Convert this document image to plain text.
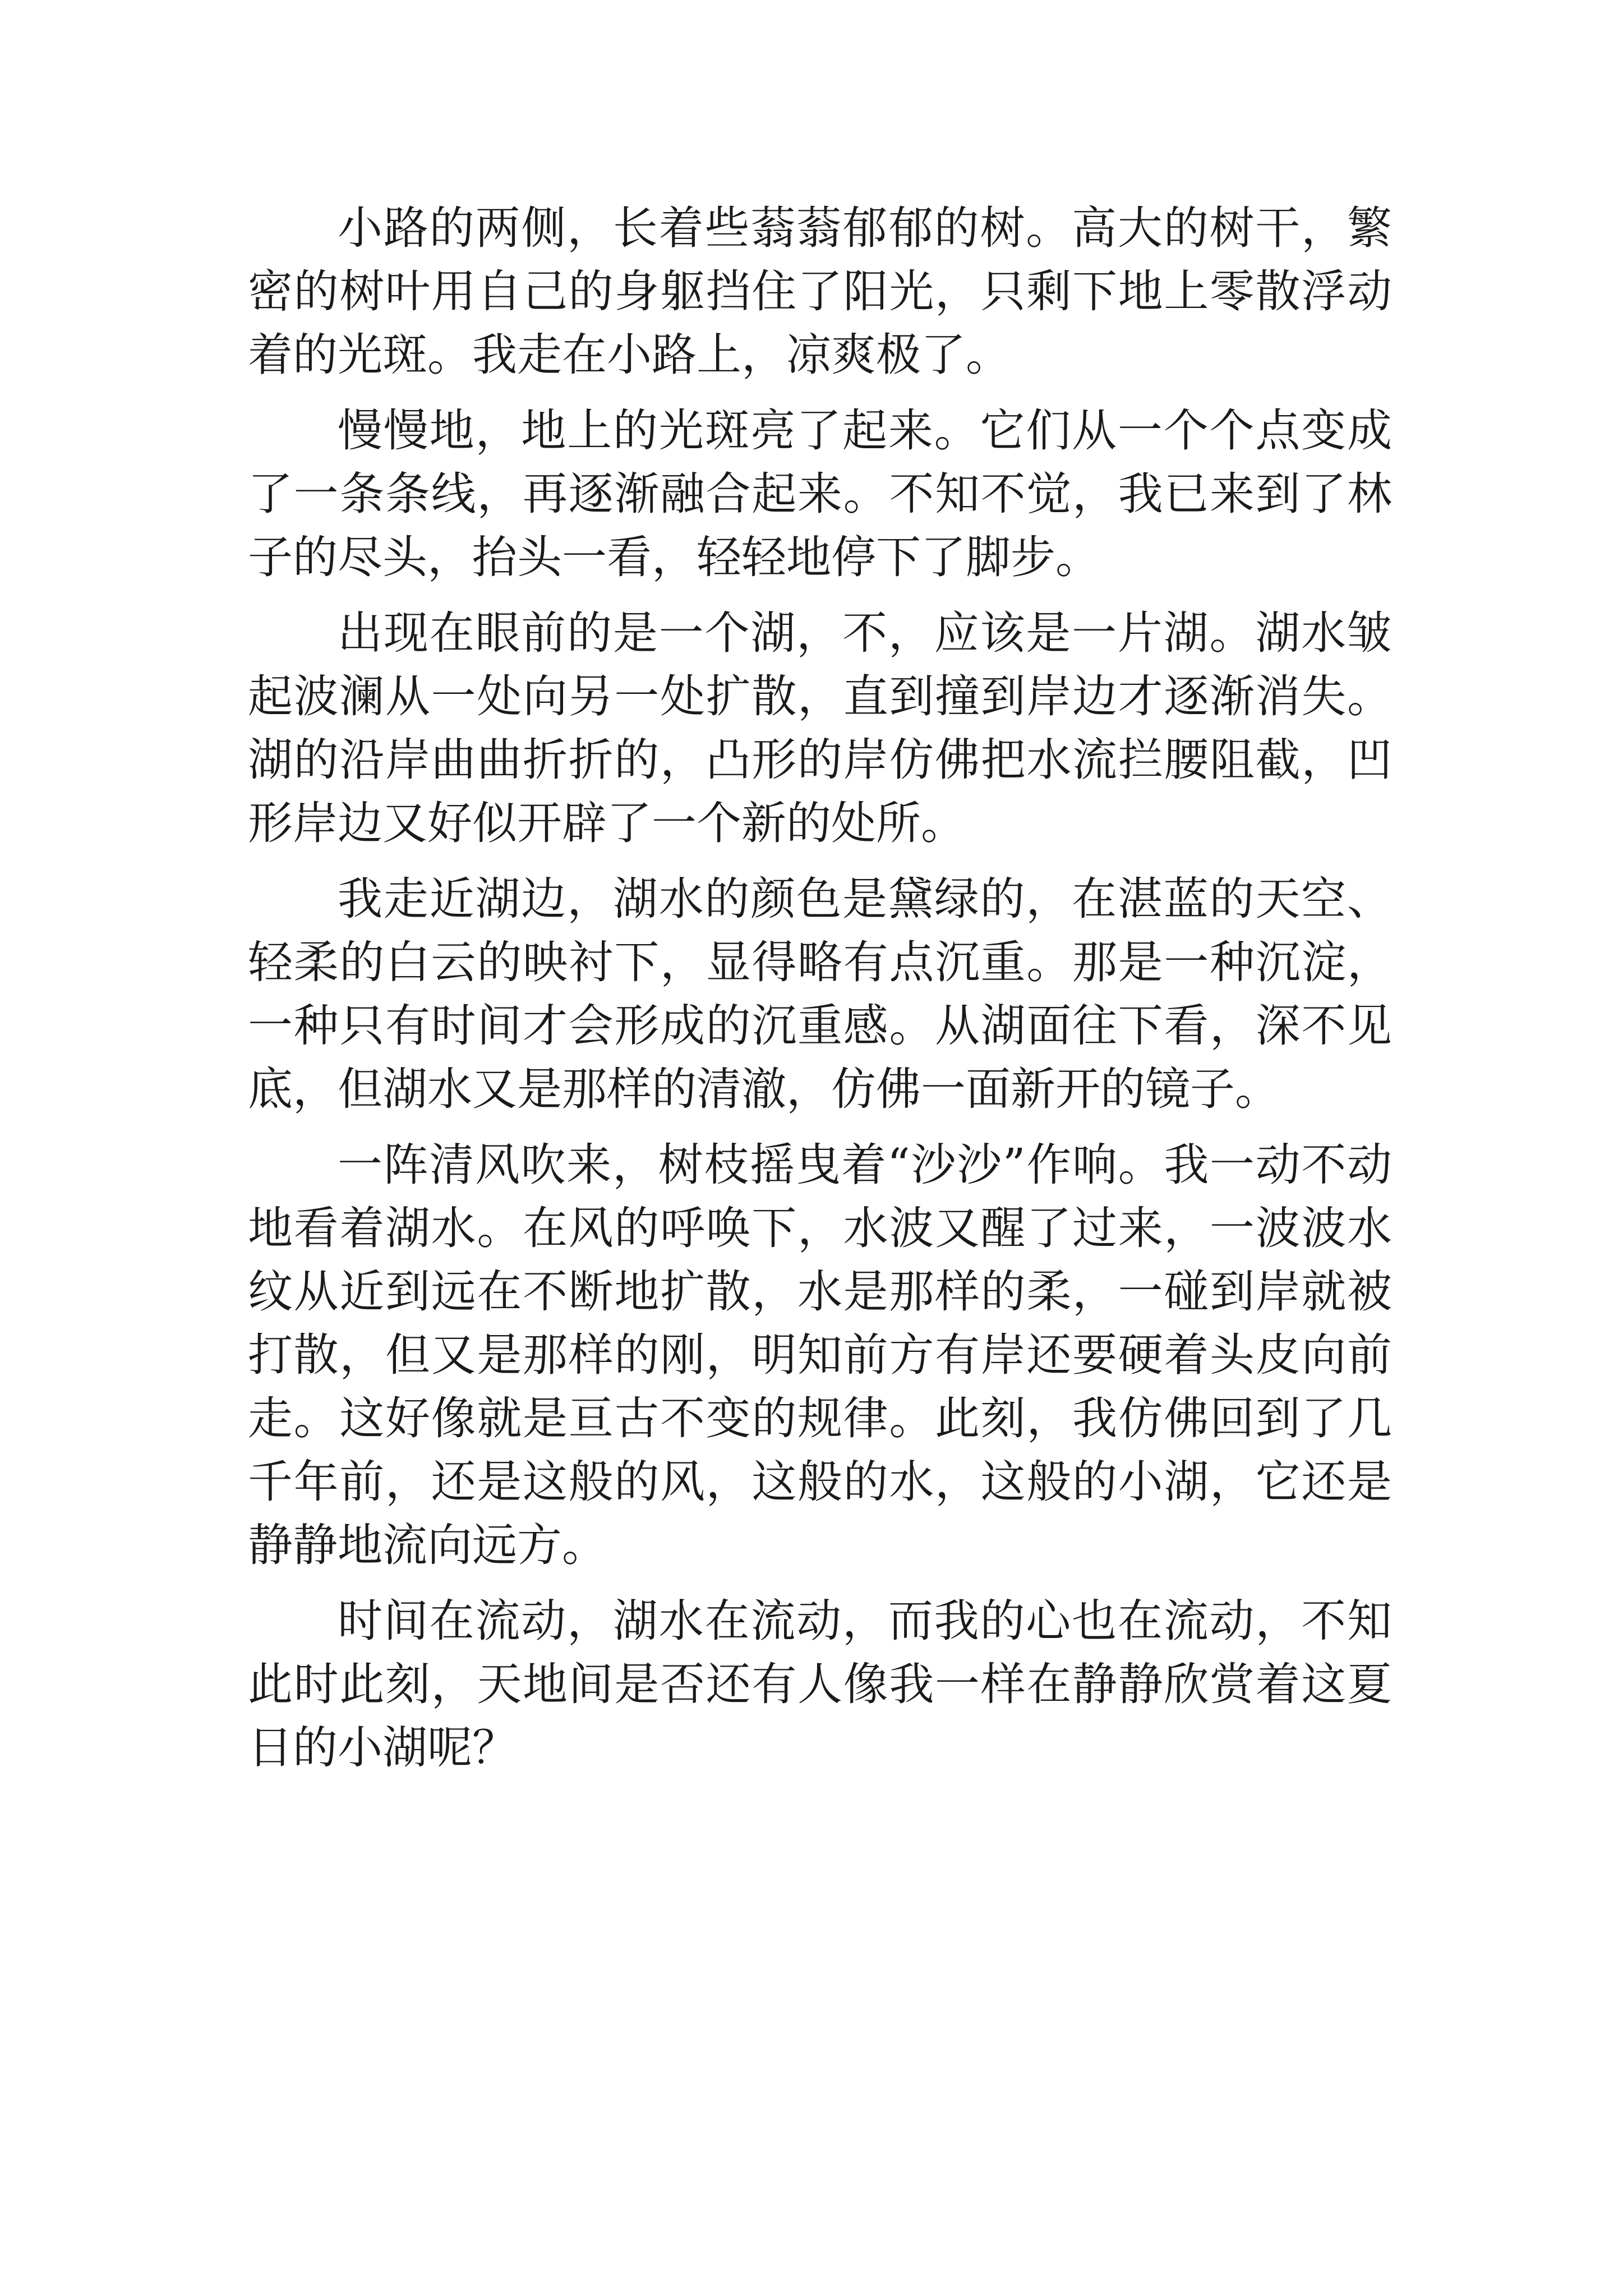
小路的两侧，长着些蓊蓊郁郁的树。高大的树干，繁密的树叶用自己的身躯挡住了阳光，只剩下地上零散浮动着的光斑。我走在小路上，凉爽极了。

慢慢地，地上的光斑亮了起来。它们从一个个点变成了一条条线，再逐渐融合起来。不知不觉，我已来到了林子的尽头，抬头一看，轻轻地停下了脚步。

出现在眼前的是一个湖，不，应该是一片湖。湖水皱起波澜从一处向另一处扩散，直到撞到岸边才逐渐消失。湖的沿岸曲曲折折的，凸形的岸仿佛把水流拦腰阻截，凹形岸边又好似开辟了一个新的处所。

我走近湖边，湖水的颜色是黛绿的，在湛蓝的天空、轻柔的白云的映衬下，显得略有点沉重。那是一种沉淀，一种只有时间才会形成的沉重感。从湖面往下看，深不见底，但湖水又是那样的清澈，仿佛一面新开的镜子。

一阵清风吹来，树枝摇曳着“沙沙”作响。我一动不动地看着湖水。在风的呼唤下，水波又醒了过来，一波波水纹从近到远在不断地扩散，水是那样的柔，一碰到岸就被打散，但又是那样的刚，明知前方有岸还要硬着头皮向前走。这好像就是亘古不变的规律。此刻，我仿佛回到了几千年前，还是这般的风，这般的水，这般的小湖，它还是静静地流向远方。

时间在流动，湖水在流动，而我的心也在流动，不知此时此刻，天地间是否还有人像我一样在静静欣赏着这夏日的小湖呢？
